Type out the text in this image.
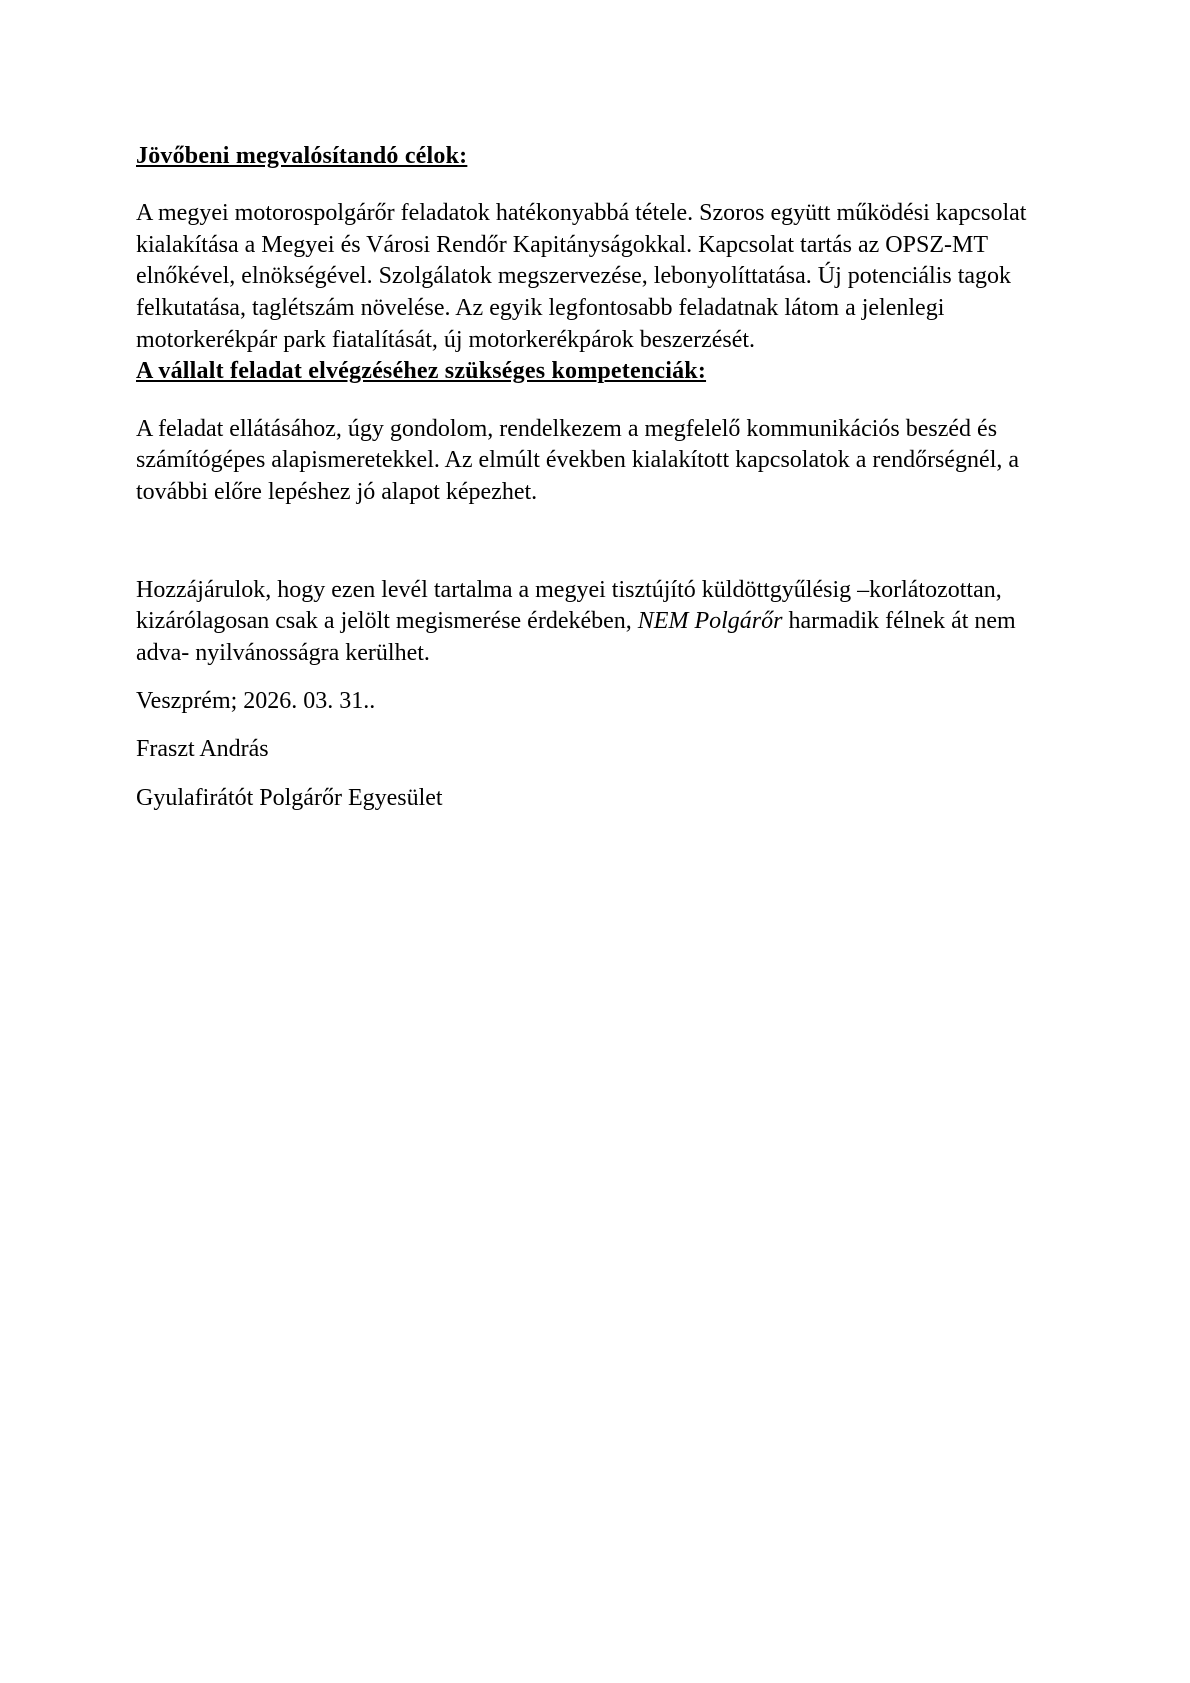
Jövőbeni megvalósítandó célok:

A megyei motorospolgárőr feladatok hatékonyabbá tétele. Szoros együtt működési kapcsolat kialakítása a Megyei és Városi Rendőr Kapitányságokkal. Kapcsolat tartás az OPSZ-MT elnőkével, elnökségével. Szolgálatok megszervezése, lebonyolíttatása. Új potenciális tagok felkutatása, taglétszám növelése. Az egyik legfontosabb feladatnak látom a jelenlegi motorkerékpár park fiatalítását, új motorkerékpárok beszerzését.

A vállalt feladat elvégzéséhez szükséges kompetenciák:

A feladat ellátásához, úgy gondolom, rendelkezem a megfelelő kommunikációs beszéd és számítógépes alapismeretekkel. Az elmúlt években kialakított kapcsolatok a rendőrségnél, a további előre lepéshez jó alapot képezhet.

Hozzájárulok, hogy ezen levél tartalma a megyei tisztújító küldöttgyűlésig –korlátozottan, kizárólagosan csak a jelölt megismerése érdekében, NEM Polgárőr harmadik félnek át nem adva- nyilvánosságra kerülhet.

Veszprém; 2026. 03. 31..

Fraszt András

Gyulafirátót Polgárőr Egyesület
